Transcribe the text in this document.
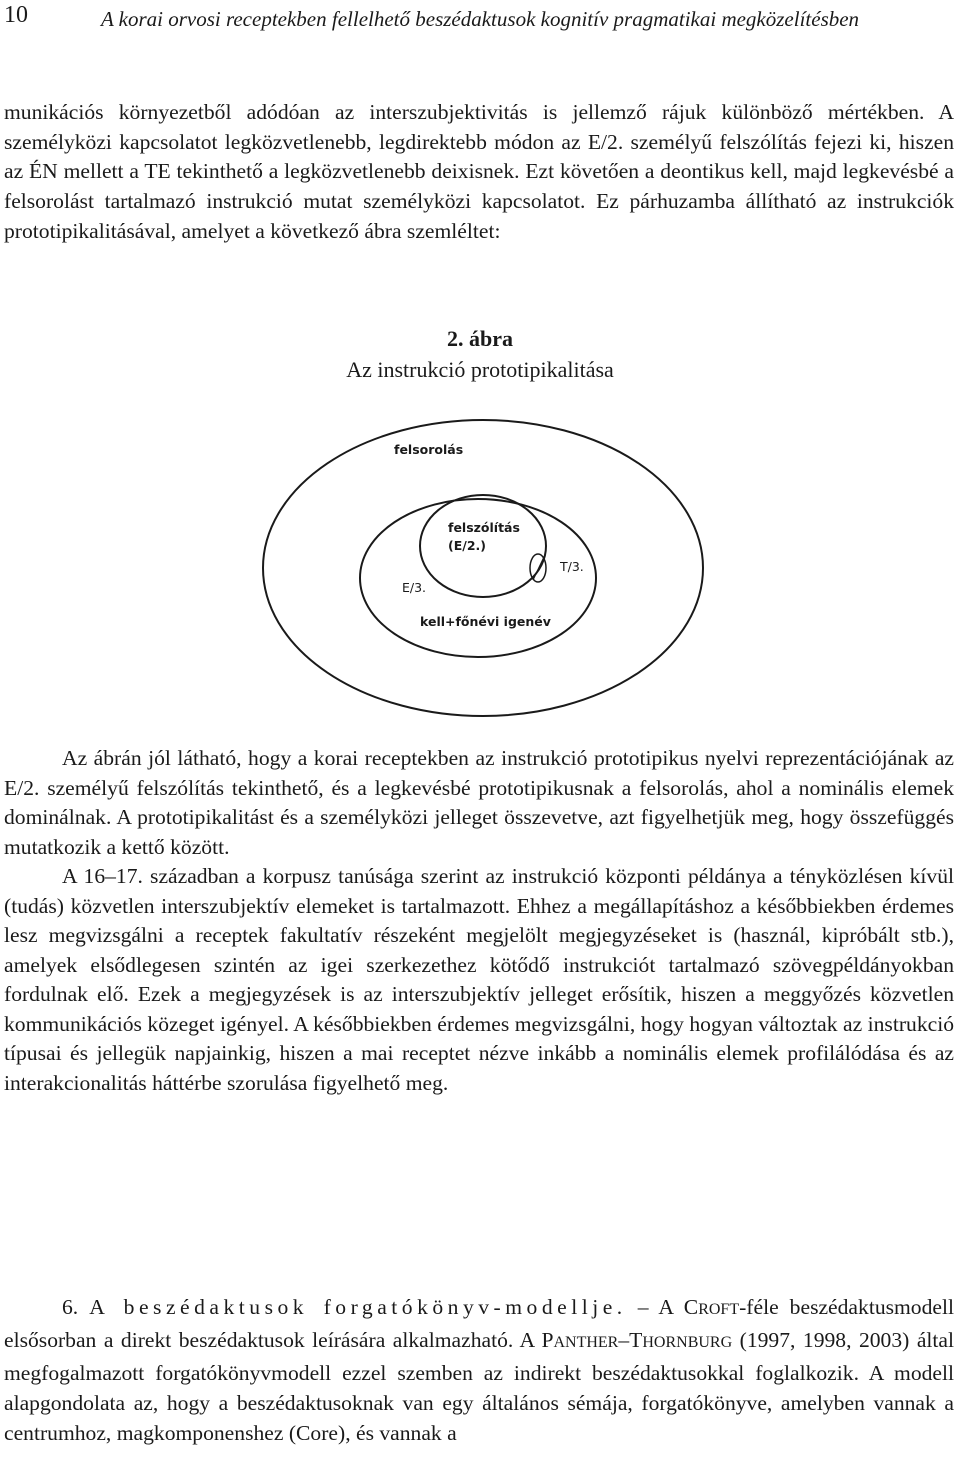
10	A korai orvosi receptekben fellelhető beszédaktusok kognitív pragmatikai megközelítésben

munikációs környezetből adódóan az interszubjektivitás is jellemző rájuk különböző mértékben. A személyközi kapcsolatot legközvetlenebb, legdirektebb módon az E/2. személyű felszólítás fejezi ki, hiszen az ÉN mellett a TE tekinthető a legközvetlenebb deixisnek. Ezt követően a deontikus kell, majd legkevésbé a felsorolást tartalmazó instrukció mutat személyközi kapcsolatot. Ez párhuzamba állítható az instrukciók prototipikalitásával, amelyet a következő ábra szemléltet:

2. ábra
Az instrukció prototipikalitása
felsorolás
felszólítás
(E/2.)
T/3.
E/3.
kell+főnévi igenév

Az ábrán jól látható, hogy a korai receptekben az instrukció prototipikus nyelvi reprezentációjának az E/2. személyű felszólítás tekinthető, és a legkevésbé prototipikusnak a felsorolás, ahol a nominális elemek dominálnak. A prototipikalitást és a személyközi jelleget összevetve, azt figyelhetjük meg, hogy összefüggés mutatkozik a kettő között.

A 16–17. században a korpusz tanúsága szerint az instrukció központi példánya a tényközlésen kívül (tudás) közvetlen interszubjektív elemeket is tartalmazott. Ehhez a megállapításhoz a későbbiekben érdemes lesz megvizsgálni a receptek fakultatív részeként megjelölt megjegyzéseket is (használ, kipróbált stb.), amelyek elsődlegesen szintén az igei szerkezethez kötődő instrukciót tartalmazó szövegpéldányokban fordulnak elő. Ezek a megjegyzések is az interszubjektív jelleget erősítik, hiszen a meggyőzés közvetlen kommunikációs közeget igényel. A későbbiekben érdemes megvizsgálni, hogy hogyan változtak az instrukció típusai és jellegük napjainkig, hiszen a mai receptet nézve inkább a nominális elemek profilálódása és az interakcionalitás háttérbe szorulása figyelhető meg.

6. A beszédaktusok forgatókönyv-modellje. – A CROFT-féle beszédaktusmodell elsősorban a direkt beszédaktusok leírására alkalmazható. A PANTHER–THORNBURG (1997, 1998, 2003) által megfogalmazott forgatókönyvmodell ezzel szemben az indirekt beszédaktusokkal foglalkozik. A modell alapgondolata az, hogy a beszédaktusoknak van egy általános sémája, forgatókönyve, amelyben vannak a centrumhoz, magkomponenshez (Core), és vannak a
